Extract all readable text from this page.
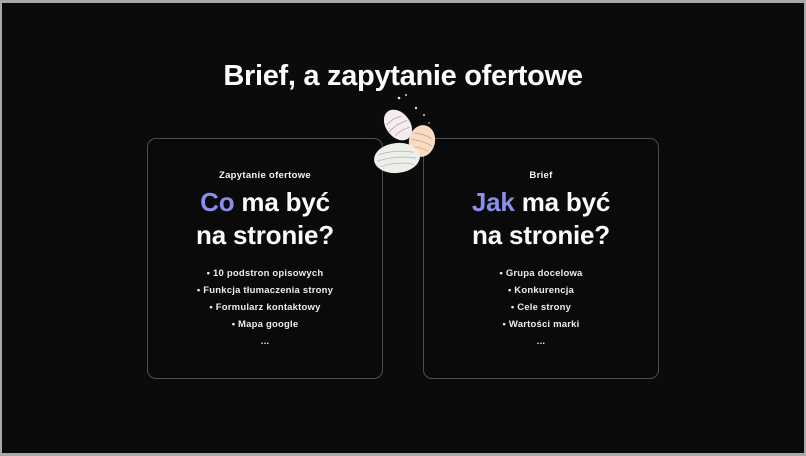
Brief, a zapytanie ofertowe
Zapytanie ofertowe
Co ma być
na stronie?
• 10 podstron opisowych
• Funkcja tłumaczenia strony
• Formularz kontaktowy
• Mapa google
...
Brief
Jak ma być
na stronie?
• Grupa docelowa
• Konkurencja
• Cele strony
• Wartości marki
...
